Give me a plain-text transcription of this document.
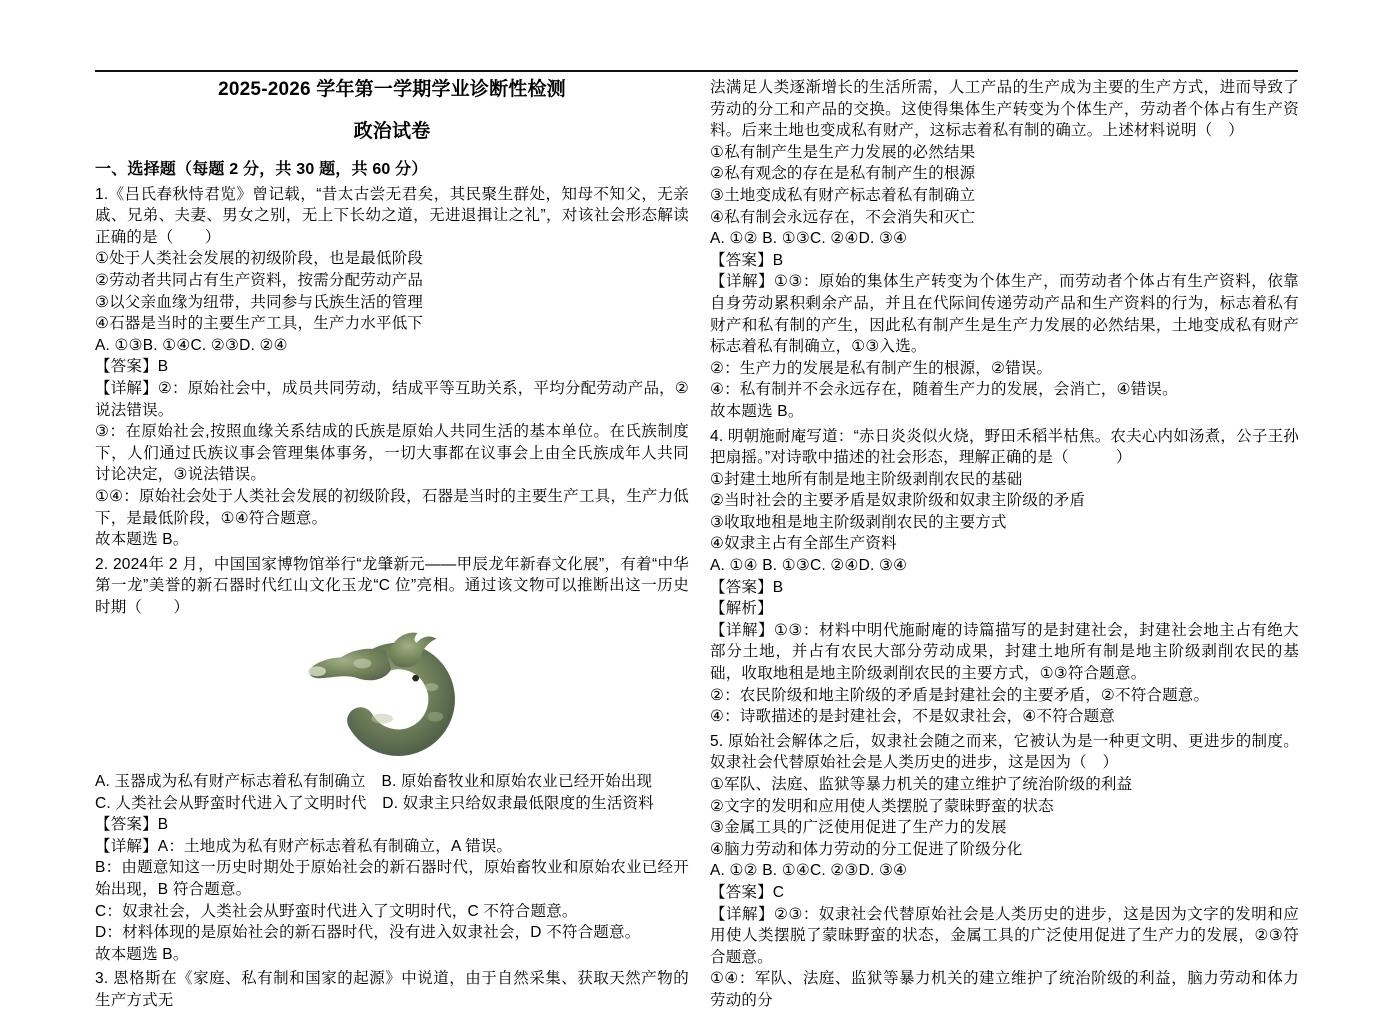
2025-2026 学年第一学期学业诊断性检测
政治试卷
一、选择题（每题 2 分，共 30 题，共 60 分）

1.《吕氏春秋恃君览》曾记载，“昔太古尝无君矣，其民聚生群处，知母不知父，无亲戚、兄弟、夫妻、男女之别，无上下长幼之道，无进退揖让之礼”，对该社会形态解读正确的是（　　）

①处于人类社会发展的初级阶段，也是最低阶段

②劳动者共同占有生产资料，按需分配劳动产品

③以父亲血缘为纽带，共同参与氏族生活的管理

④石器是当时的主要生产工具，生产力水平低下

A. ①③B. ①④C. ②③D. ②④

【答案】B

【详解】②：原始社会中，成员共同劳动，结成平等互助关系，平均分配劳动产品，②说法错误。

③：在原始社会,按照血缘关系结成的氏族是原始人共同生活的基本单位。在氏族制度下，人们通过氏族议事会管理集体事务，一切大事都在议事会上由全氏族成年人共同讨论决定，③说法错误。

①④：原始社会处于人类社会发展的初级阶段，石器是当时的主要生产工具，生产力低下，是最低阶段，①④符合题意。

故本题选 B。

2. 2024年 2 月，中国国家博物馆举行“龙肇新元——甲辰龙年新春文化展”，有着“中华第一龙”美誉的新石器时代红山文化玉龙“C 位”亮相。通过该文物可以推断出这一历史时期（　　）

A. 玉器成为私有财产标志着私有制确立　B. 原始畜牧业和原始农业已经开始出现

C. 人类社会从野蛮时代进入了文明时代　D. 奴隶主只给奴隶最低限度的生活资料

【答案】B

【详解】A：土地成为私有财产标志着私有制确立，A 错误。

B：由题意知这一历史时期处于原始社会的新石器时代，原始畜牧业和原始农业已经开始出现，B 符合题意。

C：奴隶社会，人类社会从野蛮时代进入了文明时代，C 不符合题意。

D：材料体现的是原始社会的新石器时代，没有进入奴隶社会，D 不符合题意。

故本题选 B。

3. 恩格斯在《家庭、私有制和国家的起源》中说道，由于自然采集、获取天然产物的生产方式无

法满足人类逐渐增长的生活所需，人工产品的生产成为主要的生产方式，进而导致了劳动的分工和产品的交换。这使得集体生产转变为个体生产，劳动者个体占有生产资料。后来土地也变成私有财产，这标志着私有制的确立。上述材料说明（　）

①私有制产生是生产力发展的必然结果

②私有观念的存在是私有制产生的根源

③土地变成私有财产标志着私有制确立

④私有制会永远存在，不会消失和灭亡

A. ①② B. ①③C. ②④D. ③④

【答案】B

【详解】①③：原始的集体生产转变为个体生产，而劳动者个体占有生产资料，依靠自身劳动累积剩余产品，并且在代际间传递劳动产品和生产资料的行为，标志着私有财产和私有制的产生，因此私有制产生是生产力发展的必然结果，土地变成私有财产标志着私有制确立，①③入选。

②：生产力的发展是私有制产生的根源，②错误。

④：私有制并不会永远存在，随着生产力的发展，会消亡，④错误。

故本题选 B。

4. 明朝施耐庵写道：“赤日炎炎似火烧，野田禾稻半枯焦。农夫心内如汤煮，公子王孙把扇摇。”对诗歌中描述的社会形态，理解正确的是（　　　）

①封建土地所有制是地主阶级剥削农民的基础

②当时社会的主要矛盾是奴隶阶级和奴隶主阶级的矛盾

③收取地租是地主阶级剥削农民的主要方式

④奴隶主占有全部生产资料

A. ①④ B. ①③C. ②④D. ③④

【答案】B

【解析】

【详解】①③：材料中明代施耐庵的诗篇描写的是封建社会，封建社会地主占有绝大部分土地，并占有农民大部分劳动成果，封建土地所有制是地主阶级剥削农民的基础，收取地租是地主阶级剥削农民的主要方式，①③符合题意。

②：农民阶级和地主阶级的矛盾是封建社会的主要矛盾，②不符合题意。

④：诗歌描述的是封建社会，不是奴隶社会，④不符合题意

5. 原始社会解体之后，奴隶社会随之而来，它被认为是一种更文明、更进步的制度。奴隶社会代替原始社会是人类历史的进步，这是因为（　）

①军队、法庭、监狱等暴力机关的建立维护了统治阶级的利益

②文字的发明和应用使人类摆脱了蒙昧野蛮的状态

③金属工具的广泛使用促进了生产力的发展

④脑力劳动和体力劳动的分工促进了阶级分化

A. ①② B. ①④C. ②③D. ③④

【答案】C

【详解】②③：奴隶社会代替原始社会是人类历史的进步，这是因为文字的发明和应用使人类摆脱了蒙昧野蛮的状态，金属工具的广泛使用促进了生产力的发展，②③符合题意。

①④：军队、法庭、监狱等暴力机关的建立维护了统治阶级的利益，脑力劳动和体力劳动的分
